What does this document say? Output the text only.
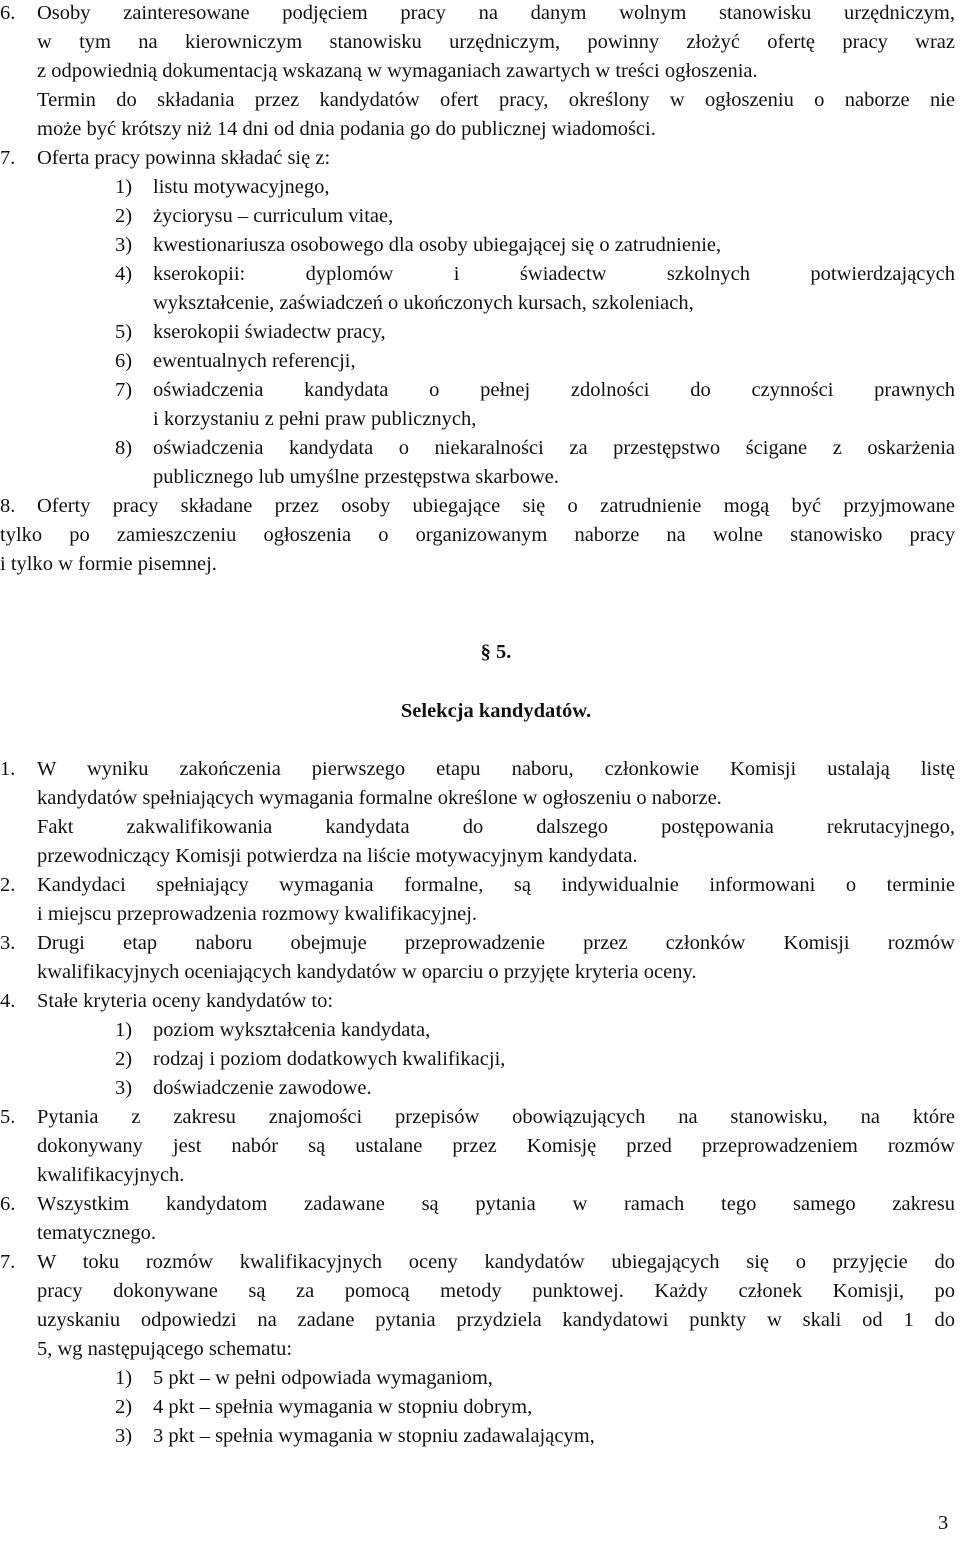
6. Osoby zainteresowane podjęciem pracy na danym wolnym stanowisku urzędniczym,
w tym na kierowniczym stanowisku urzędniczym, powinny złożyć ofertę pracy wraz
z odpowiednią dokumentacją wskazaną w wymaganiach zawartych w treści ogłoszenia.
Termin do składania przez kandydatów ofert pracy, określony w ogłoszeniu o naborze nie
może być krótszy niż 14 dni od dnia podania go do publicznej wiadomości.
7. Oferta pracy powinna składać się z:
1) listu motywacyjnego,
2) życiorysu – curriculum vitae,
3) kwestionariusza osobowego dla osoby ubiegającej się o zatrudnienie,
4) kserokopii: dyplomów i świadectw szkolnych potwierdzających
wykształcenie, zaświadczeń o ukończonych kursach, szkoleniach,
5) kserokopii świadectw pracy,
6) ewentualnych referencji,
7) oświadczenia kandydata o pełnej zdolności do czynności prawnych
i korzystaniu z pełni praw publicznych,
8) oświadczenia kandydata o niekaralności za przestępstwo ścigane z oskarżenia
publicznego lub umyślne przestępstwa skarbowe.
8. Oferty pracy składane przez osoby ubiegające się o zatrudnienie mogą być przyjmowane
tylko po zamieszczeniu ogłoszenia o organizowanym naborze na wolne stanowisko pracy
i tylko w formie pisemnej.
§ 5.
Selekcja kandydatów.
1. W wyniku zakończenia pierwszego etapu naboru, członkowie Komisji ustalają listę
kandydatów spełniających wymagania formalne określone w ogłoszeniu o naborze.
Fakt zakwalifikowania kandydata do dalszego postępowania rekrutacyjnego,
przewodniczący Komisji potwierdza na liście motywacyjnym kandydata.
2. Kandydaci spełniający wymagania formalne, są indywidualnie informowani o terminie
i miejscu przeprowadzenia rozmowy kwalifikacyjnej.
3. Drugi etap naboru obejmuje przeprowadzenie przez członków Komisji rozmów
kwalifikacyjnych oceniających kandydatów w oparciu o przyjęte kryteria oceny.
4. Stałe kryteria oceny kandydatów to:
1) poziom wykształcenia kandydata,
2) rodzaj i poziom dodatkowych kwalifikacji,
3) doświadczenie zawodowe.
5. Pytania z zakresu znajomości przepisów obowiązujących na stanowisku, na które
dokonywany jest nabór są ustalane przez Komisję przed przeprowadzeniem rozmów
kwalifikacyjnych.
6. Wszystkim kandydatom zadawane są pytania w ramach tego samego zakresu
tematycznego.
7. W toku rozmów kwalifikacyjnych oceny kandydatów ubiegających się o przyjęcie do
pracy dokonywane są za pomocą metody punktowej. Każdy członek Komisji, po
uzyskaniu odpowiedzi na zadane pytania przydziela kandydatowi punkty w skali od 1 do
5, wg następującego schematu:
1) 5 pkt – w pełni odpowiada wymaganiom,
2) 4 pkt – spełnia wymagania w stopniu dobrym,
3) 3 pkt – spełnia wymagania w stopniu zadawalającym,
3
